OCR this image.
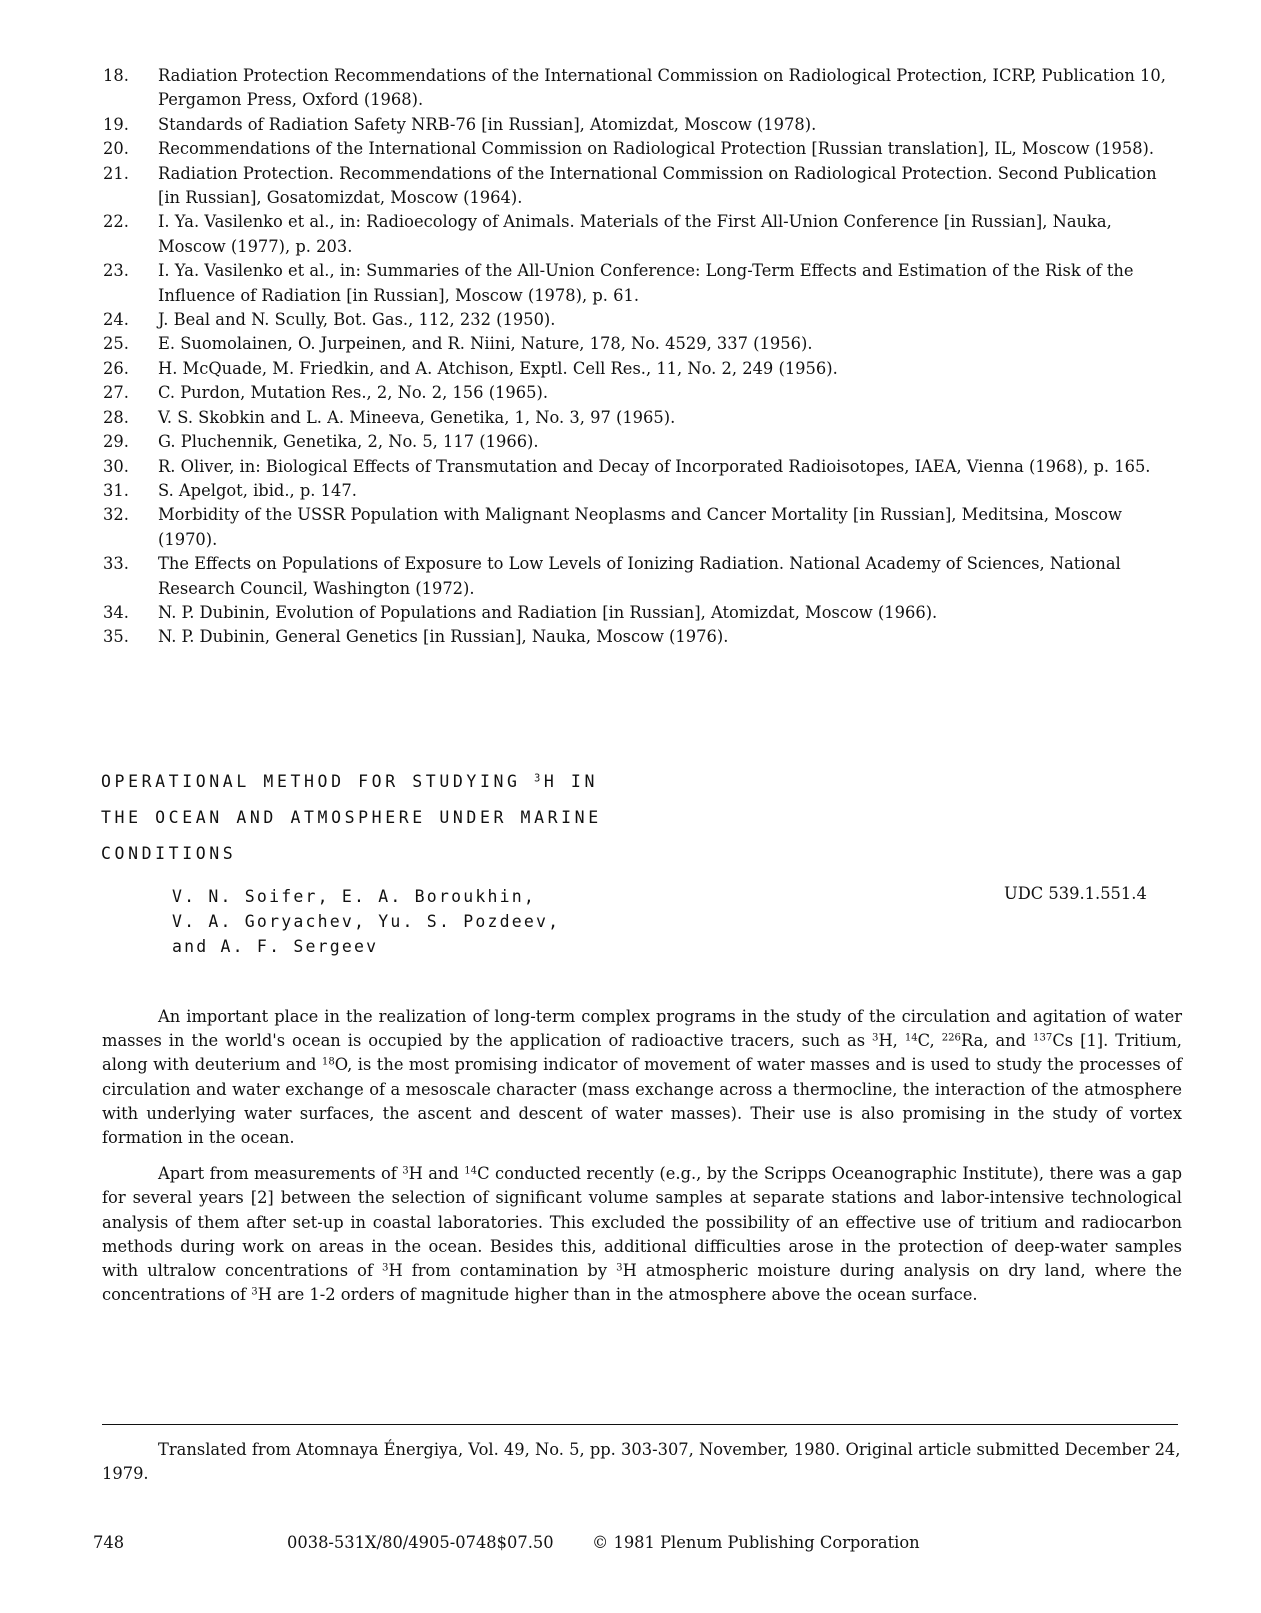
18.	Radiation Protection Recommendations of the International Commission on Radiological Protection, ICRP, Publication 10, Pergamon Press, Oxford (1968).
19.	Standards of Radiation Safety NRB-76 [in Russian], Atomizdat, Moscow (1978).
20.	Recommendations of the International Commission on Radiological Protection [Russian translation], IL, Moscow (1958).
21.	Radiation Protection. Recommendations of the International Commission on Radiological Protection. Second Publication [in Russian], Gosatomizdat, Moscow (1964).
22.	I. Ya. Vasilenko et al., in: Radioecology of Animals. Materials of the First All-Union Conference [in Russian], Nauka, Moscow (1977), p. 203.
23.	I. Ya. Vasilenko et al., in: Summaries of the All-Union Conference: Long-Term Effects and Estimation of the Risk of the Influence of Radiation [in Russian], Moscow (1978), p. 61.
24.	J. Beal and N. Scully, Bot. Gas., 112, 232 (1950).
25.	E. Suomolainen, O. Jurpeinen, and R. Niini, Nature, 178, No. 4529, 337 (1956).
26.	H. McQuade, M. Friedkin, and A. Atchison, Exptl. Cell Res., 11, No. 2, 249 (1956).
27.	C. Purdon, Mutation Res., 2, No. 2, 156 (1965).
28.	V. S. Skobkin and L. A. Mineeva, Genetika, 1, No. 3, 97 (1965).
29.	G. Pluchennik, Genetika, 2, No. 5, 117 (1966).
30.	R. Oliver, in: Biological Effects of Transmutation and Decay of Incorporated Radioisotopes, IAEA, Vienna (1968), p. 165.
31.	S. Apelgot, ibid., p. 147.
32.	Morbidity of the USSR Population with Malignant Neoplasms and Cancer Mortality [in Russian], Meditsina, Moscow (1970).
33.	The Effects on Populations of Exposure to Low Levels of Ionizing Radiation. National Academy of Sciences, National Research Council, Washington (1972).
34.	N. P. Dubinin, Evolution of Populations and Radiation [in Russian], Atomizdat, Moscow (1966).
35.	N. P. Dubinin, General Genetics [in Russian], Nauka, Moscow (1976).
OPERATIONAL METHOD FOR STUDYING $^3$H IN
THE OCEAN AND ATMOSPHERE UNDER MARINE
CONDITIONS
V. N. Soifer, E. A. Boroukhin,
V. A. Goryachev, Yu. S. Pozdeev,
and A. F. Sergeev
UDC 539.1.551.4

An important place in the realization of long-term complex programs in the study of the circulation and agitation of water masses in the world's ocean is occupied by the application of radioactive tracers, such as $^3$H, $^{14}$C, $^{226}$Ra, and $^{137}$Cs [1]. Tritium, along with deuterium and $^{18}$O, is the most promising indicator of movement of water masses and is used to study the processes of circulation and water exchange of a mesoscale character (mass exchange across a thermocline, the interaction of the atmosphere with underlying water surfaces, the ascent and descent of water masses). Their use is also promising in the study of vortex formation in the ocean.

Apart from measurements of $^3$H and $^{14}$C conducted recently (e.g., by the Scripps Oceanographic Institute), there was a gap for several years [2] between the selection of significant volume samples at separate stations and labor-intensive technological analysis of them after set-up in coastal laboratories. This excluded the possibility of an effective use of tritium and radiocarbon methods during work on areas in the ocean. Besides this, additional difficulties arose in the protection of deep-water samples with ultralow concentrations of $^3$H from contamination by $^3$H atmospheric moisture during analysis on dry land, where the concentrations of $^3$H are 1-2 orders of magnitude higher than in the atmosphere above the ocean surface.

Translated from Atomnaya Énergiya, Vol. 49, No. 5, pp. 303-307, November, 1980. Original article submitted December 24, 1979.

748	0038-531X/80/4905-0748$07.50 © 1981 Plenum Publishing Corporation
